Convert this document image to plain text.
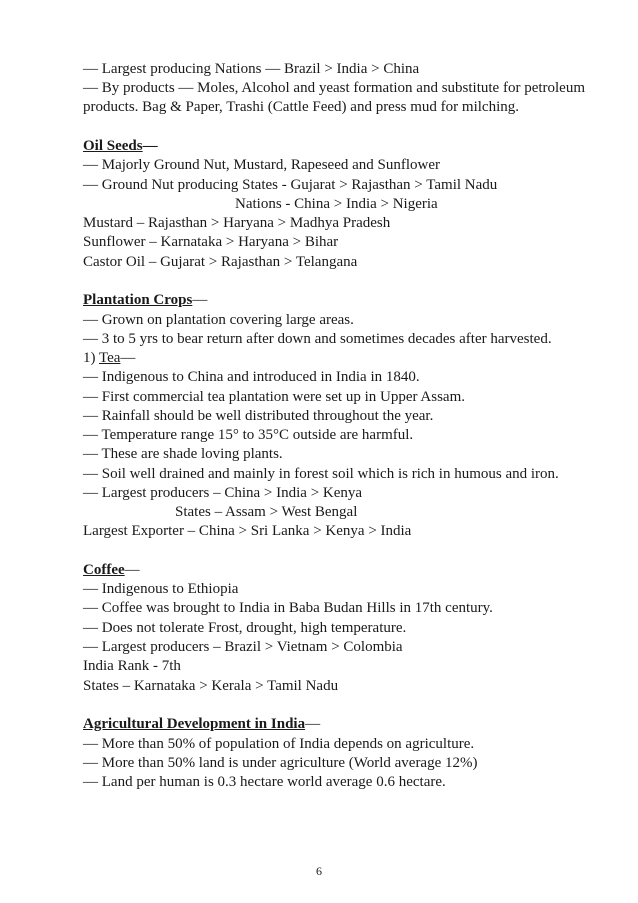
— Largest producing Nations — Brazil > India > China
— By products — Moles, Alcohol and yeast formation and substitute for petroleum
products. Bag & Paper, Trashi (Cattle Feed) and press mud for milching.
Oil Seeds—
— Majorly Ground Nut, Mustard, Rapeseed and Sunflower
— Ground Nut producing States - Gujarat > Rajasthan > Tamil Nadu
Nations - China > India > Nigeria
Mustard – Rajasthan > Haryana > Madhya Pradesh
Sunflower – Karnataka > Haryana > Bihar
Castor Oil – Gujarat > Rajasthan > Telangana
Plantation Crops—
— Grown on plantation covering large areas.
— 3 to 5 yrs to bear return after down and sometimes decades after harvested.
1) Tea—
— Indigenous to China and introduced in India in 1840.
— First commercial tea plantation were set up in Upper Assam.
— Rainfall should be well distributed throughout the year.
— Temperature range 15° to 35°C outside are harmful.
— These are shade loving plants.
— Soil well drained and mainly in forest soil which is rich in humous and iron.
— Largest producers – China > India > Kenya
States – Assam > West Bengal
Largest Exporter – China > Sri Lanka > Kenya > India
Coffee—
— Indigenous to Ethiopia
— Coffee was brought to India in Baba Budan Hills in 17th century.
— Does not tolerate Frost, drought, high temperature.
— Largest producers – Brazil > Vietnam > Colombia
India Rank - 7th
States – Karnataka > Kerala > Tamil Nadu
Agricultural Development in India—
— More than 50% of population of India depends on agriculture.
— More than 50% land is under agriculture (World average 12%)
— Land per human is 0.3 hectare world average 0.6 hectare.
6
